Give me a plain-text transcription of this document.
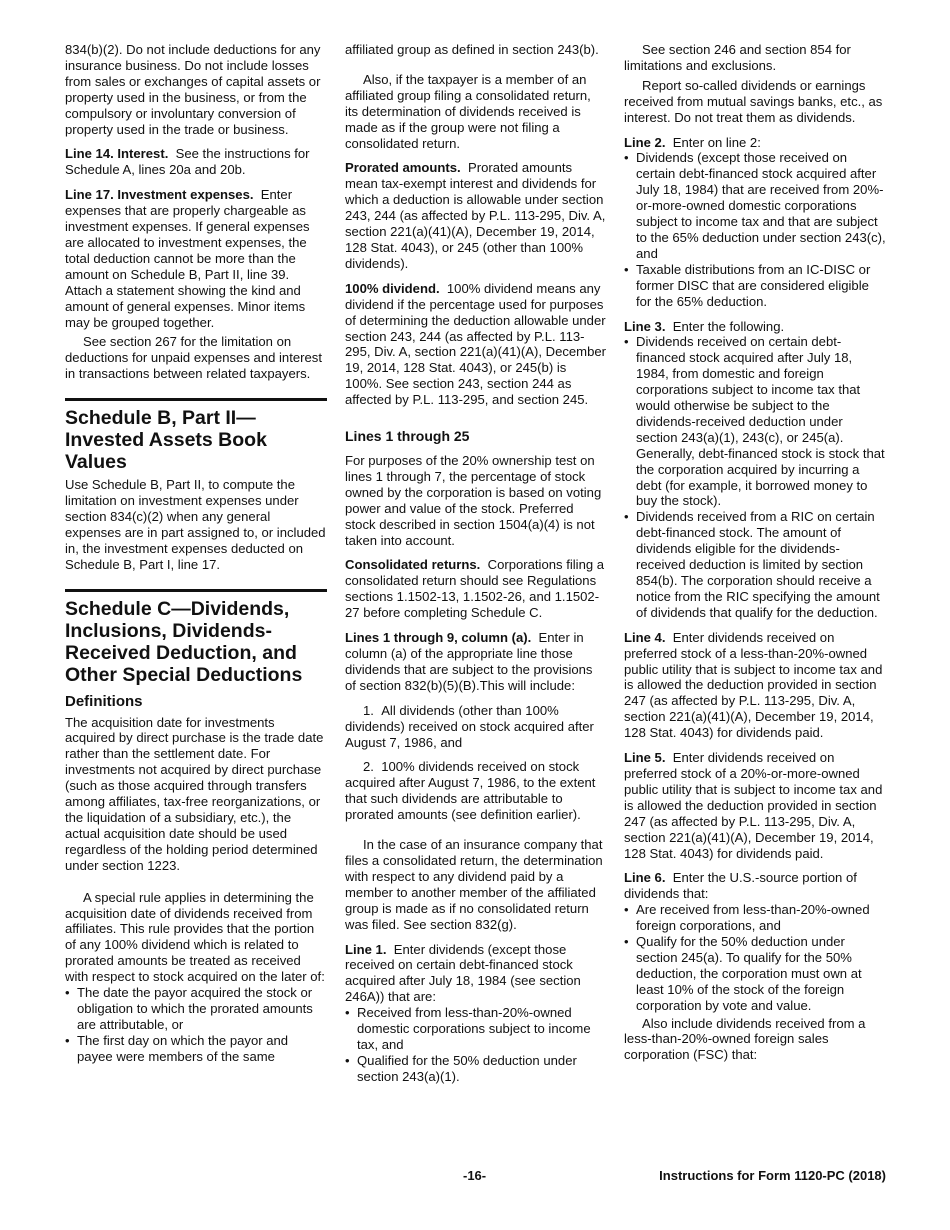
834(b)(2). Do not include deductions for any insurance business. Do not include losses from sales or exchanges of capital assets or property used in the business, or from the compulsory or involuntary conversion of property used in the trade or business.

Line 14. Interest. See the instructions for Schedule A, lines 20a and 20b.

Line 17. Investment expenses. Enter expenses that are properly chargeable as investment expenses. If general expenses are allocated to investment expenses, the total deduction cannot be more than the amount on Schedule B, Part II, line 39. Attach a statement showing the kind and amount of general expenses. Minor items may be grouped together.

See section 267 for the limitation on deductions for unpaid expenses and interest in transactions between related taxpayers.

Schedule B, Part II—Invested Assets Book Values

Use Schedule B, Part II, to compute the limitation on investment expenses under section 834(c)(2) when any general expenses are in part assigned to, or included in, the investment expenses deducted on Schedule B, Part I, line 17.

Schedule C—Dividends, Inclusions, Dividends-Received Deduction, and Other Special Deductions
Definitions

The acquisition date for investments acquired by direct purchase is the trade date rather than the settlement date. For investments not acquired by direct purchase (such as those acquired through transfers among affiliates, tax-free reorganizations, or the liquidation of a subsidiary, etc.), the actual acquisition date should be used regardless of the holding period determined under section 1223.

A special rule applies in determining the acquisition date of dividends received from affiliates. This rule provides that the portion of any 100% dividend which is related to prorated amounts be treated as received with respect to stock acquired on the later of:

• The date the payor acquired the stock or obligation to which the prorated amounts are attributable, or

• The first day on which the payor and payee were members of the same

affiliated group as defined in section 243(b).

Also, if the taxpayer is a member of an affiliated group filing a consolidated return, its determination of dividends received is made as if the group were not filing a consolidated return.

Prorated amounts. Prorated amounts mean tax-exempt interest and dividends for which a deduction is allowable under section 243, 244 (as affected by P.L. 113-295, Div. A, section 221(a)(41)(A), December 19, 2014, 128 Stat. 4043), or 245 (other than 100% dividends).

100% dividend. 100% dividend means any dividend if the percentage used for purposes of determining the deduction allowable under section 243, 244 (as affected by P.L. 113-295, Div. A, section 221(a)(41)(A), December 19, 2014, 128 Stat. 4043), or 245(b) is 100%. See section 243, section 244 as affected by P.L. 113-295, and section 245.

Lines 1 through 25

For purposes of the 20% ownership test on lines 1 through 7, the percentage of stock owned by the corporation is based on voting power and value of the stock. Preferred stock described in section 1504(a)(4) is not taken into account.

Consolidated returns. Corporations filing a consolidated return should see Regulations sections 1.1502-13, 1.1502-26, and 1.1502-27 before completing Schedule C.

Lines 1 through 9, column (a). Enter in column (a) of the appropriate line those dividends that are subject to the provisions of section 832(b)(5)(B).This will include:

1.  All dividends (other than 100% dividends) received on stock acquired after August 7, 1986, and

2.  100% dividends received on stock acquired after August 7, 1986, to the extent that such dividends are attributable to prorated amounts (see definition earlier).

In the case of an insurance company that files a consolidated return, the determination with respect to any dividend paid by a member to another member of the affiliated group is made as if no consolidated return was filed. See section 832(g).

Line 1. Enter dividends (except those received on certain debt-financed stock acquired after July 18, 1984 (see section 246A)) that are:

• Received from less-than-20%-owned domestic corporations subject to income tax, and

• Qualified for the 50% deduction under section 243(a)(1).

See section 246 and section 854 for limitations and exclusions.

Report so-called dividends or earnings received from mutual savings banks, etc., as interest. Do not treat them as dividends.

Line 2. Enter on line 2:

• Dividends (except those received on certain debt-financed stock acquired after July 18, 1984) that are received from 20%-or-more-owned domestic corporations subject to income tax and that are subject to the 65% deduction under section 243(c), and

• Taxable distributions from an IC-DISC or former DISC that are considered eligible for the 65% deduction.

Line 3. Enter the following.

• Dividends received on certain debt-financed stock acquired after July 18, 1984, from domestic and foreign corporations subject to income tax that would otherwise be subject to the dividends-received deduction under section 243(a)(1), 243(c), or 245(a). Generally, debt-financed stock is stock that the corporation acquired by incurring a debt (for example, it borrowed money to buy the stock).

• Dividends received from a RIC on certain debt-financed stock. The amount of dividends eligible for the dividends-received deduction is limited by section 854(b). The corporation should receive a notice from the RIC specifying the amount of dividends that qualify for the deduction.

Line 4. Enter dividends received on preferred stock of a less-than-20%-owned public utility that is subject to income tax and is allowed the deduction provided in section 247 (as affected by P.L. 113-295, Div. A, section 221(a)(41)(A), December 19, 2014, 128 Stat. 4043) for dividends paid.

Line 5. Enter dividends received on preferred stock of a 20%-or-more-owned public utility that is subject to income tax and is allowed the deduction provided in section 247 (as affected by P.L. 113-295, Div. A, section 221(a)(41)(A), December 19, 2014, 128 Stat. 4043) for dividends paid.

Line 6. Enter the U.S.-source portion of dividends that:

• Are received from less-than-20%-owned foreign corporations, and

• Qualify for the 50% deduction under section 245(a). To qualify for the 50% deduction, the corporation must own at least 10% of the stock of the foreign corporation by vote and value.

Also include dividends received from a less-than-20%-owned foreign sales corporation (FSC) that:

-16-	Instructions for Form 1120-PC (2018)
